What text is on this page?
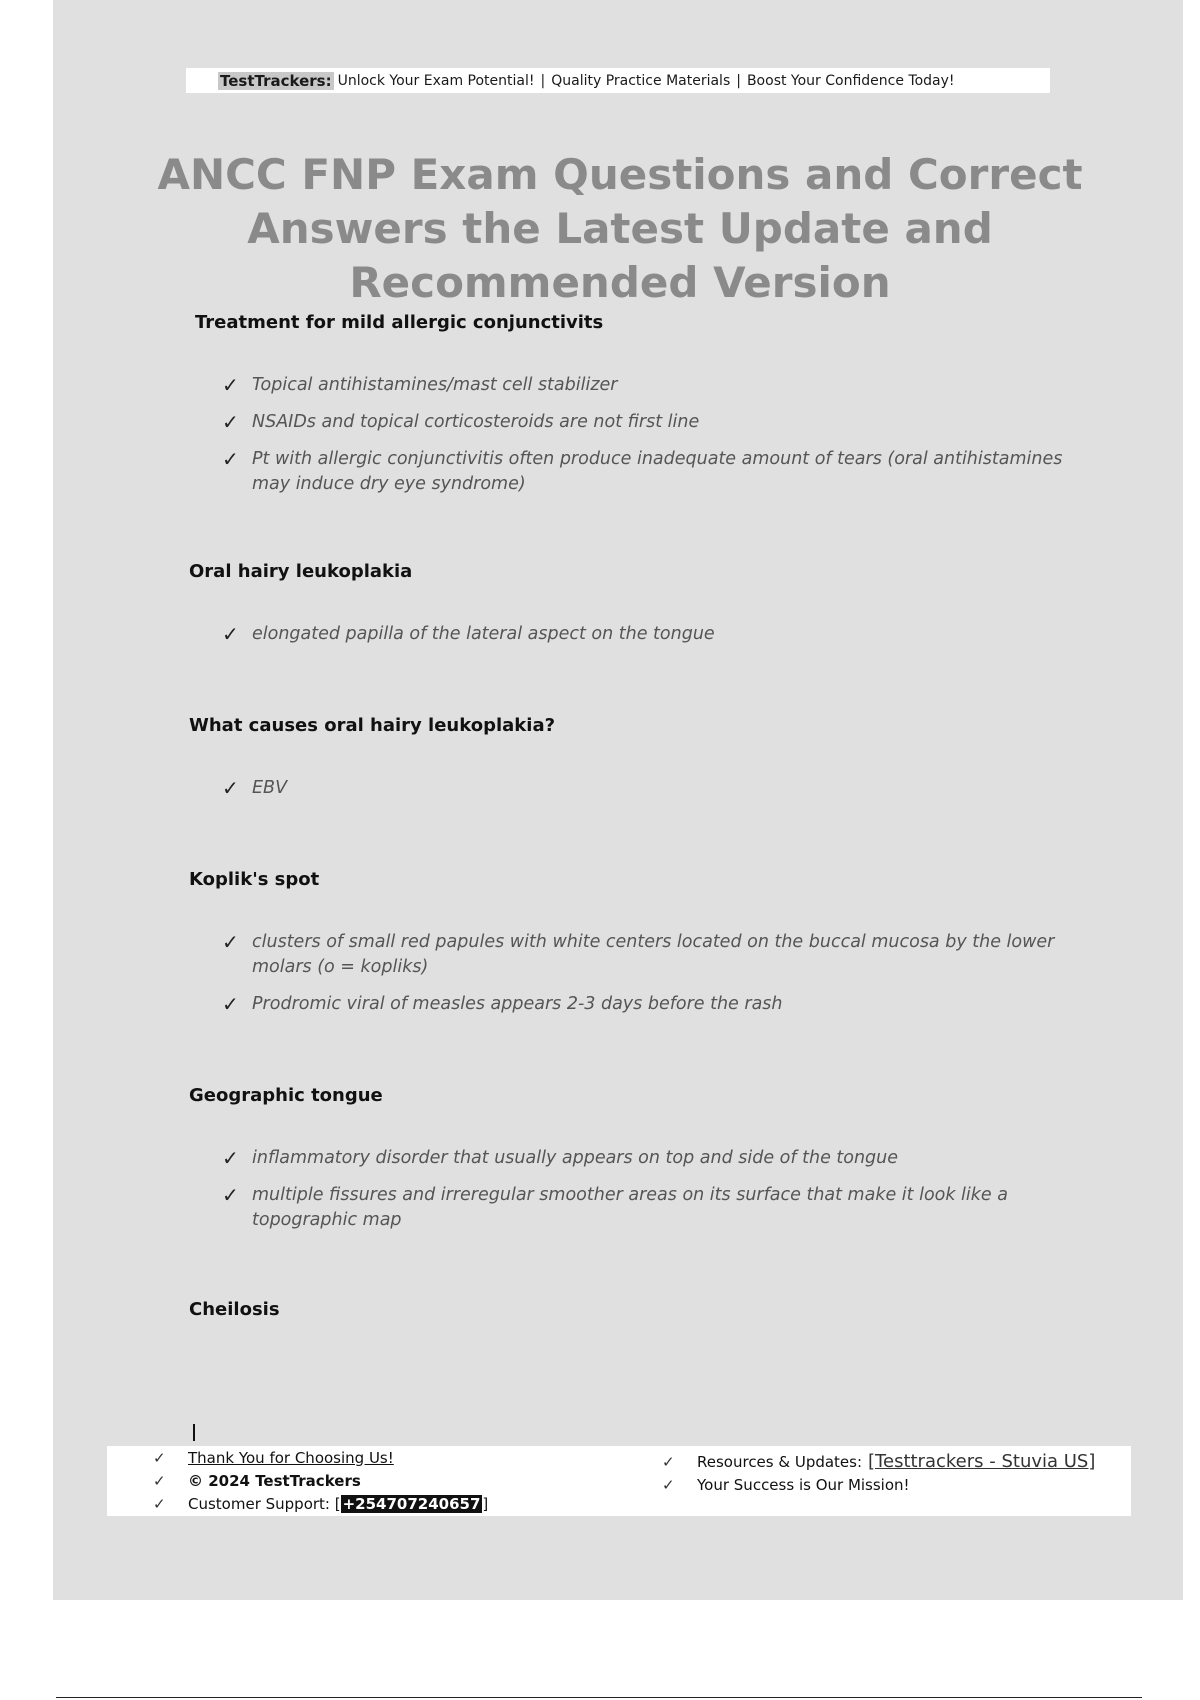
TestTrackers: Unlock Your Exam Potential! | Quality Practice Materials | Boost Your Confidence Today!
ANCC FNP Exam Questions and Correct Answers the Latest Update and Recommended Version
Treatment for mild allergic conjunctivits
✓ Topical antihistamines/mast cell stabilizer
✓ NSAIDs and topical corticosteroids are not first line
✓ Pt with allergic conjunctivitis often produce inadequate amount of tears (oral antihistamines may induce dry eye syndrome)
Oral hairy leukoplakia
✓ elongated papilla of the lateral aspect on the tongue
What causes oral hairy leukoplakia?
✓ EBV
Koplik's spot
✓ clusters of small red papules with white centers located on the buccal mucosa by the lower molars (o = kopliks)
✓ Prodromic viral of measles appears 2-3 days before the rash
Geographic tongue
✓ inflammatory disorder that usually appears on top and side of the tongue
✓ multiple fissures and irreregular smoother areas on its surface that make it look like a topographic map
Cheilosis
✓	Thank You for Choosing Us!
✓	© 2024 TestTrackers
✓	Customer Support: [ +254707240657 ]
✓	Resources & Updates: [Testtrackers - Stuvia US]
✓	Your Success is Our Mission!
